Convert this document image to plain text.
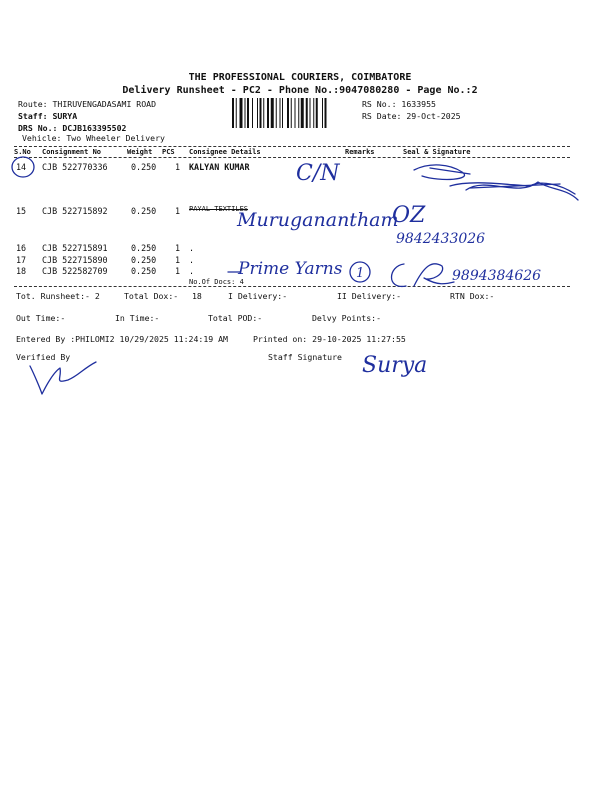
THE PROFESSIONAL COURIERS, COIMBATORE
Delivery Runsheet - PC2 - Phone No.:9047080280 - Page No.:2
Route: THIRUVENGADASAMI ROAD
Staff: SURYA
DRS No.: DCJB163395502
Vehicle: Two Wheeler Delivery
RS No.: 1633955
RS Date: 29-Oct-2025
S.No Consignment No	Weight PCS Consignee Details	Remarks	Seal & Signature
14 CJB 522770336	0.250 1 KALYAN KUMAR
15 CJB 522715892	0.250 1 PAYAL TEXTILES
16 CJB 522715891	0.250 1 .
17 CJB 522715890	0.250 1 .
18 CJB 522582709	0.250 1 .
No.Of Docs: 4
Tot. Runsheet:- 2	Total Dox:- 18	I Delivery:-	II Delivery:-	RTN Dox:-
Out Time:-	In Time:-	Total POD:-	Delvy Points:-
Entered By :PHILOMI2 10/29/2025 11:24:19 AM	Printed on: 29-10-2025 11:27:55
Verified By	Staff Signature
C/N
Muruganantham
OZ
9842433026
Prime Yarns 1	9894384626
Surya
